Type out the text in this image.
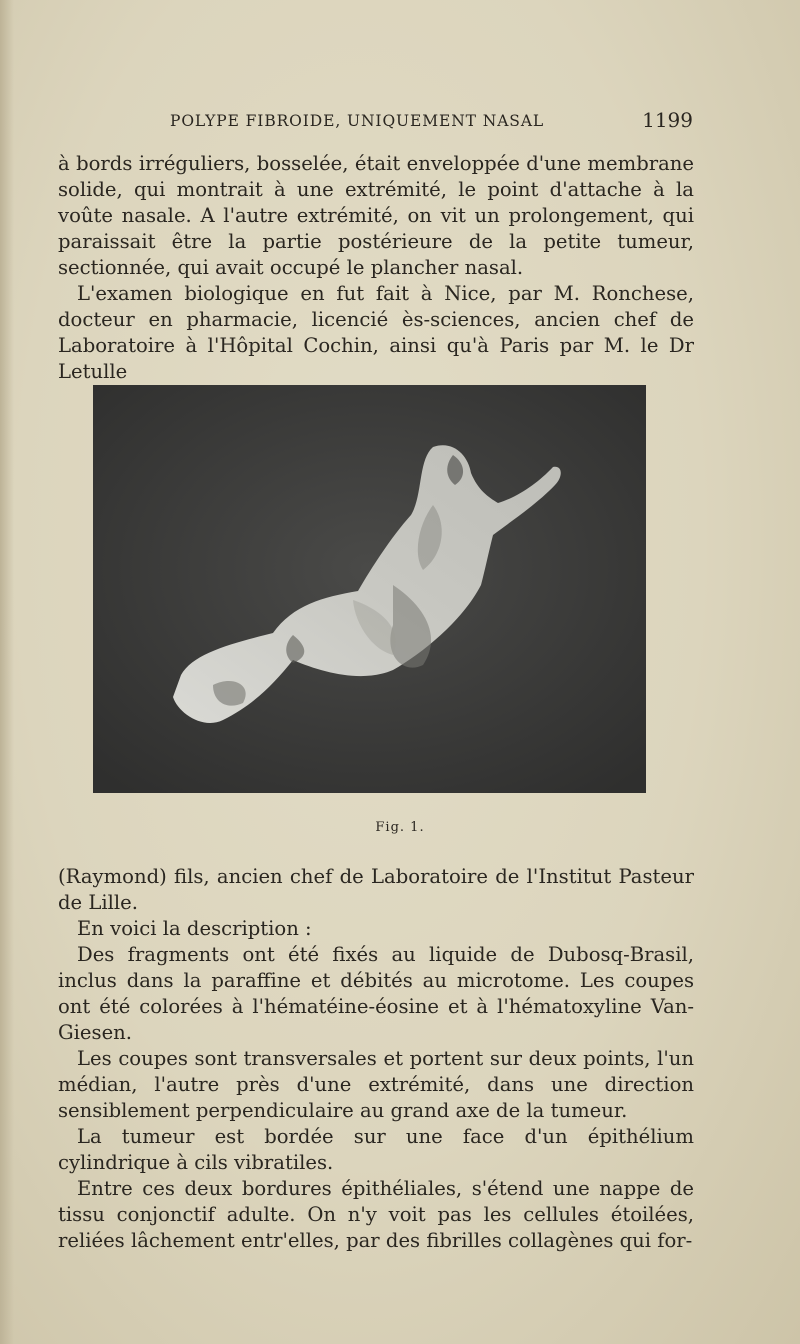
POLYPE FIBROIDE, UNIQUEMENT NASAL	1199

à bords irréguliers, bosselée, était enveloppée d'une membrane solide, qui montrait à une extrémité, le point d'attache à la voûte nasale. A l'autre extrémité, on vit un prolongement, qui paraissait être la partie postérieure de la petite tumeur, sectionnée, qui avait occupé le plancher nasal.

L'examen biologique en fut fait à Nice, par M. Ronchese, docteur en pharmacie, licencié ès-sciences, ancien chef de Laboratoire à l'Hôpital Cochin, ainsi qu'à Paris par M. le Dr Letulle

Fig. 1.

(Raymond) fils, ancien chef de Laboratoire de l'Institut Pasteur de Lille.

En voici la description :

Des fragments ont été fixés au liquide de Dubosq-Brasil, inclus dans la paraffine et débités au microtome. Les coupes ont été colorées à l'hématéine-éosine et à l'hématoxyline Van-Giesen.

Les coupes sont transversales et portent sur deux points, l'un médian, l'autre près d'une extrémité, dans une direction sensiblement perpendiculaire au grand axe de la tumeur.

La tumeur est bordée sur une face d'un épithélium cylindrique à cils vibratiles.

Entre ces deux bordures épithéliales, s'étend une nappe de tissu conjonctif adulte. On n'y voit pas les cellules étoilées, reliées lâchement entr'elles, par des fibrilles collagènes qui for-
